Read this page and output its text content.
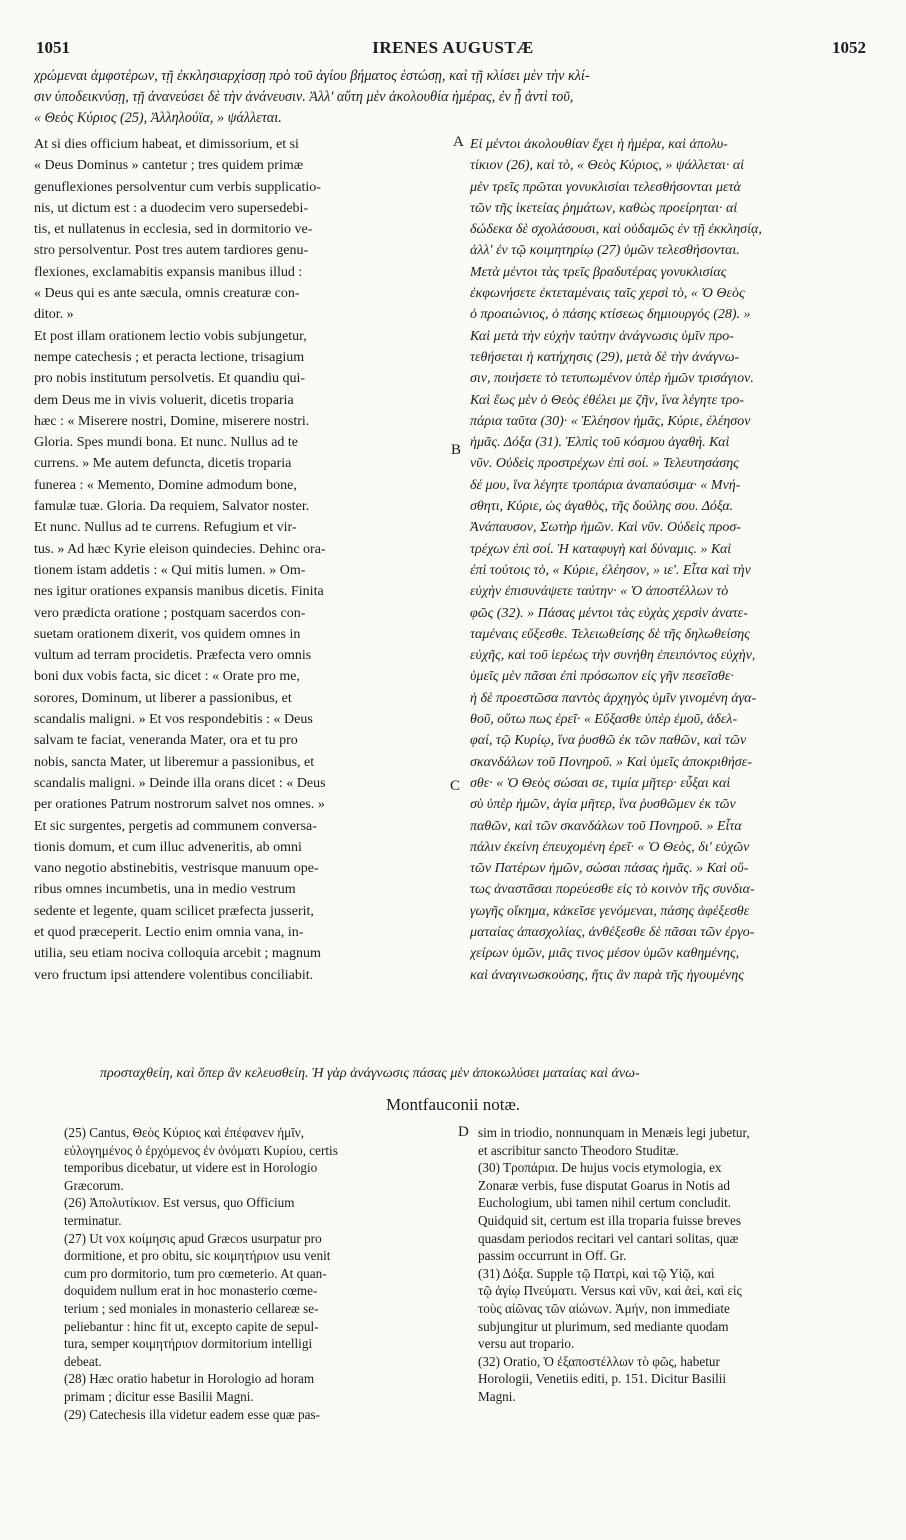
1051	IRENES AUGUSTÆ	1052
χρώμεναι ἀμφοτέρων, τῇ ἐκκλησιαρχίσσῃ πρὸ τοῦ ἁγίου βήματος ἑστώσῃ, καὶ τῇ κλίσει μὲν τὴν κλί-
σιν ὑποδεικνύσῃ, τῇ ἀνανεύσει δὲ τὴν ἀνάνευσιν. Ἀλλ' αὕτη μὲν ἀκολουθία ἡμέρας, ἐν ᾗ ἀντὶ τοῦ,
« Θεὸς Κύριος (25), Ἀλληλούϊα, » ψάλλεται.
At si dies officium habeat, et dimissorium, et si
« Deus Dominus » cantetur ; tres quidem primæ
genuflexiones persolventur cum verbis supplicatio-
nis, ut dictum est : a duodecim vero supersedebi-
tis, et nullatenus in ecclesia, sed in dormitorio ve-
stro persolventur. Post tres autem tardiores genu-
flexiones, exclamabitis expansis manibus illud :
« Deus qui es ante sæcula, omnis creaturæ con-
ditor. »
Et post illam orationem lectio vobis subjungetur,
nempe catechesis ; et peracta lectione, trisagium
pro nobis institutum persolvetis. Et quandiu qui-
dem Deus me in vivis voluerit, dicetis troparia
hæc : « Miserere nostri, Domine, miserere nostri.
Gloria. Spes mundi bona. Et nunc. Nullus ad te
currens. » Me autem defuncta, dicetis troparia
funerea : « Memento, Domine admodum bone,
famulæ tuæ. Gloria. Da requiem, Salvator noster.
Et nunc. Nullus ad te currens. Refugium et vir-
tus. » Ad hæc Kyrie eleison quindecies. Dehinc ora-
tionem istam addetis : « Qui mitis lumen. » Om-
nes igitur orationes expansis manibus dicetis. Finita
vero prædicta oratione ; postquam sacerdos con-
suetam orationem dixerit, vos quidem omnes in
vultum ad terram procidetis. Præfecta vero omnis
boni dux vobis facta, sic dicet : « Orate pro me,
sorores, Dominum, ut liberer a passionibus, et
scandalis maligni. » Et vos respondebitis : « Deus
salvam te faciat, veneranda Mater, ora et tu pro
nobis, sancta Mater, ut liberemur a passionibus, et
scandalis maligni. » Deinde illa orans dicet : « Deus
per orationes Patrum nostrorum salvet nos omnes. »
Et sic surgentes, pergetis ad communem conversa-
tionis domum, et cum illuc adveneritis, ab omni
vano negotio abstinebitis, vestrisque manuum ope-
ribus omnes incumbetis, una in medio vestrum
sedente et legente, quam scilicet præfecta jusserit,
et quod præceperit. Lectio enim omnia vana, in-
utilia, seu etiam nociva colloquia arcebit ; magnum
vero fructum ipsi attendere volentibus conciliabit.
Εἰ μέντοι ἀκολουθίαν ἔχει ἡ ἡμέρα, καὶ ἀπολυ-
τίκιον (26), καὶ τὸ, « Θεὸς Κύριος, » ψάλλεται· αἱ
μὲν τρεῖς πρῶται γονυκλισίαι τελεσθήσονται μετὰ
τῶν τῆς ἱκετείας ῥημάτων, καθὼς προείρηται· αἱ
δώδεκα δὲ σχολάσουσι, καὶ οὐδαμῶς ἐν τῇ ἐκκλησίᾳ,
ἀλλ' ἐν τῷ κοιμητηρίῳ (27) ὑμῶν τελεσθήσονται.
Μετὰ μέντοι τὰς τρεῖς βραδυτέρας γονυκλισίας
ἐκφωνήσετε ἐκτεταμέναις ταῖς χερσὶ τὸ, « Ὁ Θεὸς
ὁ προαιώνιος, ὁ πάσης κτίσεως δημιουργός (28). »
Καὶ μετὰ τὴν εὐχὴν ταύτην ἀνάγνωσις ὑμῖν προ-
τεθήσεται ἡ κατήχησις (29), μετὰ δὲ τὴν ἀνάγνω-
σιν, ποιήσετε τὸ τετυπωμένον ὑπὲρ ἡμῶν τρισάγιον.
Καὶ ἕως μὲν ὁ Θεὸς ἐθέλει με ζῆν, ἵνα λέγητε τρο-
πάρια ταῦτα (30)· « Ἐλέησον ἡμᾶς, Κύριε, ἐλέησον
ἡμᾶς. Δόξα (31). Ἐλπὶς τοῦ κόσμου ἀγαθή. Καὶ
νῦν. Οὐδεὶς προστρέχων ἐπὶ σοί. » Τελευτησάσης
δέ μου, ἵνα λέγητε τροπάρια ἀναπαύσιμα· « Μνή-
σθητι, Κύριε, ὡς ἀγαθὸς, τῆς δούλης σου. Δόξα.
Ἀνάπαυσον, Σωτὴρ ἡμῶν. Καὶ νῦν. Οὐδεὶς προσ-
τρέχων ἐπὶ σοί. Ἡ καταφυγὴ καὶ δύναμις. » Καὶ
ἐπὶ τούτοις τὸ, « Κύριε, ἐλέησον, » ιε'. Εἶτα καὶ τὴν
εὐχὴν ἐπισυνάψετε ταύτην· « Ὁ ἀποστέλλων τὸ
φῶς (32). » Πάσας μέντοι τὰς εὐχὰς χερσὶν ἀνατε-
ταμέναις εὔξεσθε. Τελειωθείσης δὲ τῆς δηλωθείσης
εὐχῆς, καὶ τοῦ ἱερέως τὴν συνήθη ἐπειπόντος εὐχὴν,
ὑμεῖς μὲν πᾶσαι ἐπὶ πρόσωπον εἰς γῆν πεσεῖσθε·
ἡ δὲ προεστῶσα παντὸς ἀρχηγὸς ὑμῖν γινομένη ἀγα-
θοῦ, οὕτω πως ἐρεῖ· « Εὔξασθε ὑπὲρ ἐμοῦ, ἀδελ-
φαί, τῷ Κυρίῳ, ἵνα ῥυσθῶ ἐκ τῶν παθῶν, καὶ τῶν
σκανδάλων τοῦ Πονηροῦ. » Καὶ ὑμεῖς ἀποκριθήσε-
σθε· « Ὁ Θεὸς σώσαι σε, τιμία μῆτερ· εὖξαι καὶ
σὺ ὑπὲρ ἡμῶν, ἁγία μῆτερ, ἵνα ῥυσθῶμεν ἐκ τῶν
παθῶν, καὶ τῶν σκανδάλων τοῦ Πονηροῦ. » Εἶτα
πάλιν ἐκείνη ἐπευχομένη ἐρεῖ· « Ὁ Θεὸς, δι' εὐχῶν
τῶν Πατέρων ἡμῶν, σώσαι πάσας ἡμᾶς. » Καὶ οὕ-
τως ἀναστᾶσαι πορεύεσθε εἰς τὸ κοινὸν τῆς συνδια-
γωγῆς οἴκημα, κἀκεῖσε γενόμεναι, πάσης ἀφέξεσθε
ματαίας ἀπασχολίας, ἀνθέξεσθε δὲ πᾶσαι τῶν ἐργο-
χείρων ὑμῶν, μιᾶς τινος μέσον ὑμῶν καθημένης,
καὶ ἀναγινωσκούσης, ἥτις ἂν παρὰ τῆς ἡγουμένης
A
B
C
D
προσταχθείη, καὶ ὅπερ ἂν κελευσθείη. Ἡ γὰρ ἀνάγνωσις πάσας μὲν ἀποκωλύσει ματαίας καὶ ἀνω-
Montfauconii notæ.
(25) Cantus, Θεὸς Κύριος καὶ ἐπέφανεν ἡμῖν,
εὐλογημένος ὁ ἐρχόμενος ἐν ὀνόματι Κυρίου, certis
temporibus dicebatur, ut videre est in Horologio
Græcorum.
(26) Ἀπολυτίκιον. Est versus, quo Officium
terminatur.
(27) Ut vox κοίμησις apud Græcos usurpatur pro
dormitione, et pro obitu, sic κοιμητήριον usu venit
cum pro dormitorio, tum pro cœmeterio. At quan-
doquidem nullum erat in hoc monasterio cœme-
terium ; sed moniales in monasterio cellareæ se-
peliebantur : hinc fit ut, excepto capite de sepul-
tura, semper κοιμητήριον dormitorium intelligi
debeat.
(28) Hæc oratio habetur in Horologio ad horam
primam ; dicitur esse Basilii Magni.
(29) Catechesis illa videtur eadem esse quæ pas-
sim in triodio, nonnunquam in Menæis legi jubetur,
et ascribitur sancto Theodoro Studitæ.
(30) Τροπάρια. De hujus vocis etymologia, ex
Zonaræ verbis, fuse disputat Goarus in Notis ad
Euchologium, ubi tamen nihil certum concludit.
Quidquid sit, certum est illa troparia fuisse breves
quasdam periodos recitari vel cantari solitas, quæ
passim occurrunt in Off. Gr.
(31) Δόξα. Supple τῷ Πατρὶ, καὶ τῷ Υἱῷ, καὶ
τῷ ἁγίῳ Πνεύματι. Versus καὶ νῦν, καὶ ἀεὶ, καὶ εἰς
τοὺς αἰῶνας τῶν αἰώνων. Ἀμήν, non immediate
subjungitur ut plurimum, sed mediante quodam
versu aut tropario.
(32) Oratio, Ὁ ἐξαποστέλλων τὸ φῶς, habetur
Horologii, Venetiis editi, p. 151. Dicitur Basilii
Magni.
